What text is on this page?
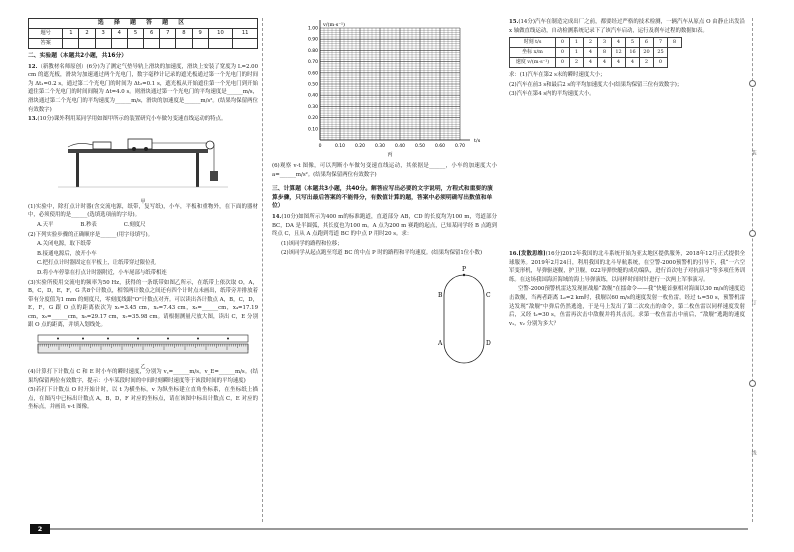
选 择 题 答 题 区											
题号	1	2	3	4	5	6	7	8	9	10	11
答案											
二、实验题（本题共2小题，共16分）

12.（新教材名师原创）(6分)为了测定气垫导轨上滑块的加速度，滑块上安装了宽度为 L=2.00 cm 的遮光板，滑块匀加速通过两个光电门，数字毫秒计记录的遮光板通过第一个光电门的时间为 Δt₁=0.2 s，通过第二个光电门的时间为 Δt₂=0.1 s，遮光板从开始遮住第一个光电门到开始遮住第二个光电门的时间间隔为 Δt=4.0 s。则滑块通过第一个光电门的平均速度是______m/s，滑块通过第二个光电门的平均速度为______m/s，滑块的加速度是______m/s²。(结果均保留两位有效数字)

13.(10分)课外利用某同学用如图甲所示的装置研究小车做匀变速直线运动的特点。

甲

(1)实验中，除打点计时器(含交流电源，纸带，复写纸)，小车，平板和重物外，在下面的器材中，必须使用的是______(选填选项前的字母)。

A.天平　　　　　B.秒表　　　　　C.刻度尺

(2)下列实验步骤的正确顺序是______(用字母填写)。

A.关闭电源，取下纸带

B.接通电源后，放开小车

C.把打点计时器固定在平板上，让纸带穿过限位孔

D.将小车停靠在打点计时器附近，小车尾部与纸带相连

(3)实验所使用交流电的频率为50 Hz，获得的一条纸带如图乙所示，在纸带上依次取 O，A，B，C，D，E，F，G 共8个计数点，相邻两计数点之间还有四个计时点未画出，纸带旁并排放着带有分度值为1 mm 的刻度尺，零刻度线跟"O"计数点对齐。可以读出各计数点 A，B，C，D，E，F，G 跟 O 点的距离依次为 x₁=3.45 cm，x₂=7.43 cm，x₃=______cm，x₄=17.19 cm，x₅=______cm，x₆=29.17 cm，x₇=35.98 cm。请根据测量尺放大图，读出 C，E 分别跟 O 点的距离，并填入划线处。

乙

(4)计算打下计数点 C 和 E 时小车的瞬时速度，分别为 v꜀=______m/s，v_E=______m/s。(结果均保留两位有效数字，提示：小车某段时间的中间时刻瞬时速度等于该段时间的平均速度)

(5)若打下计数点 O 时开始计时，以 t 为横坐标，v 为纵坐标建立直角坐标系，在坐标纸上描点，在图丙中已标出计数点 A，B，D，F 对应的坐标点，请在该图中标出计数点 C，E 对应的坐标点，并画出 v-t 图像。

0	0.10 0.20 0.30 0.40 0.50 0.60 0.70
0.10
0.20
0.30
0.40
0.50
0.60
0.70
0.80
0.90
1.00
t/s
v/(m·s⁻¹)
丙

(6)观察 v-t 图像，可以判断小车做匀变速直线运动，其依据是______，小车的加速度大小 a=______m/s²。(结果均保留两位有效数字)

三、计算题（本题共3小题，共40分。解答应写出必要的文字说明，方程式和重要的演算步骤，只写出最后答案的不能得分，有数值计算的题，答案中必须明确写出数值和单位）

14.(10分)如图所示为400 m的标准跑道，直道部分 AB，CD 的长度均为100 m，弯道部分 BC，DA 是半圆弧，其长度也为100 m。A 点为200 m 赛跑的起点，已知某同学经 B 点跑到终点 C，且从 A 点跑到弯道 BC 的中点 P 用时20 s。求：

(1)该同学的路程和位移；

(2)该同学从起点跑至弯道 BC 的中点 P 时的路程和平均速度。(结果均保留1位小数)

P
B	C
A	D

15.(14分)汽车在制造完成出厂之前，都要经过严格的技术检测，一辆汽车从原点 O 由静止出发沿 x 轴做直线运动，自动检测系统记录下了该汽车启动，运行及刹车过程的数据如表。

时刻 t/s	0	1	2	3	4	5	6	7	8
坐标 x/m	0	1	4	8	12	16	20	25	
速度 v/(m·s⁻¹)	0	2	4	4	4	4	2	0	

求：(1)汽车在第2 s末的瞬时速度大小；

(2)汽车在前3 s和最后2 s的平均加速度大小(结果均保留三位有效数字)；

(3)汽车在第4 s内的平均速度大小。

16.[发散思维](16分)2012年我国的北斗系统开始为亚太地区提供服务，2018年12月正式提供全球服务。2019年2月24日，利用我国的北斗导航系统，在空警-2000预警机的引导下，我“一六空军变形机，导弹驱逐舰，护卫舰，022导弹快艇的成功编队，进行首次电子对抗演习”等多项任务训练。在这场我国海沂海域的海上导弹演练，以同样时间时针进行一次两上军事演习。

空警-2000预警机雷达发现匪战船“敌舰”在擂命令——我“快艇首驱相对海面以30 m/s的速度追击敌舰，当两者距离 L₀=2 km时，我舰以60 m/s的速度发射一枚鱼雷，经过 t₁=50 s，预警机雷达发现“敌舰”中弹后仍然逃逸，于是马上发出了第二次攻击的命令，第二枚鱼雷以同样速度发射后，又经 t₂=30 s，鱼雷再次击中敌舰并将其击沉。求第一枚鱼雷击中前后，“敌舰”逃跑的速度 v₁，v₂ 分别为多大？

装
订
线
2
